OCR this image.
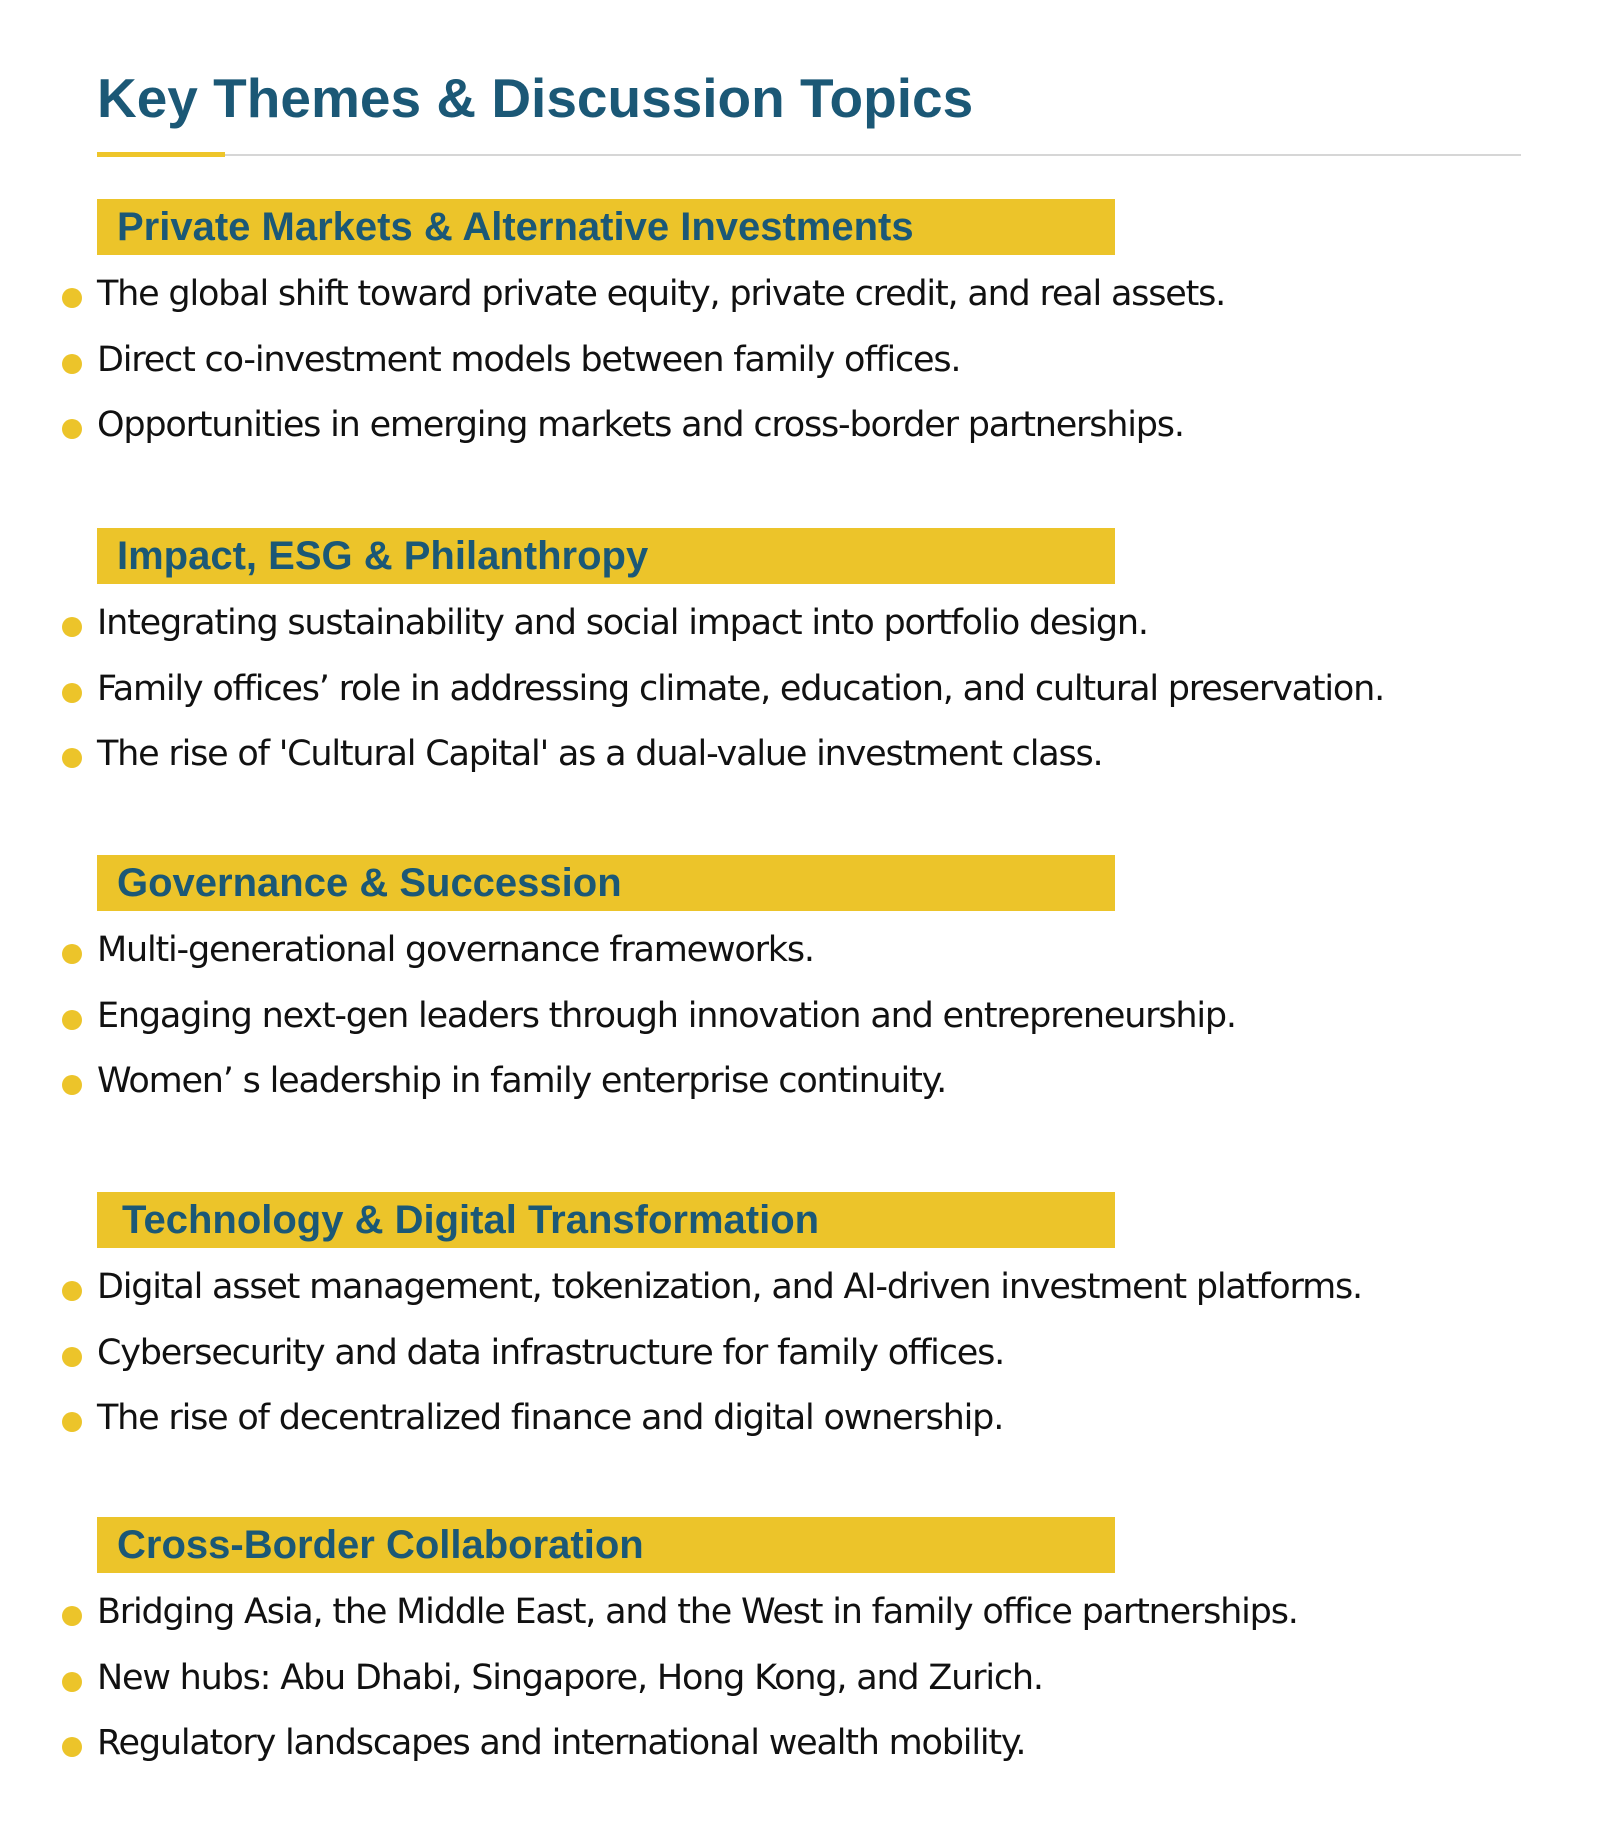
Key Themes & Discussion Topics
Private Markets & Alternative Investments
The global shift toward private equity, private credit, and real assets.
Direct co-investment models between family offices.
Opportunities in emerging markets and cross-border partnerships.
Impact, ESG & Philanthropy
Integrating sustainability and social impact into portfolio design.
Family offices’ role in addressing climate, education, and cultural preservation.
The rise of 'Cultural Capital' as a dual-value investment class.
Governance & Succession
Multi-generational governance frameworks.
Engaging next-gen leaders through innovation and entrepreneurship.
Women’ s leadership in family enterprise continuity.
Technology & Digital Transformation
Digital asset management, tokenization, and AI-driven investment platforms.
Cybersecurity and data infrastructure for family offices.
The rise of decentralized finance and digital ownership.
Cross-Border Collaboration
Bridging Asia, the Middle East, and the West in family office partnerships.
New hubs: Abu Dhabi, Singapore, Hong Kong, and Zurich.
Regulatory landscapes and international wealth mobility.
